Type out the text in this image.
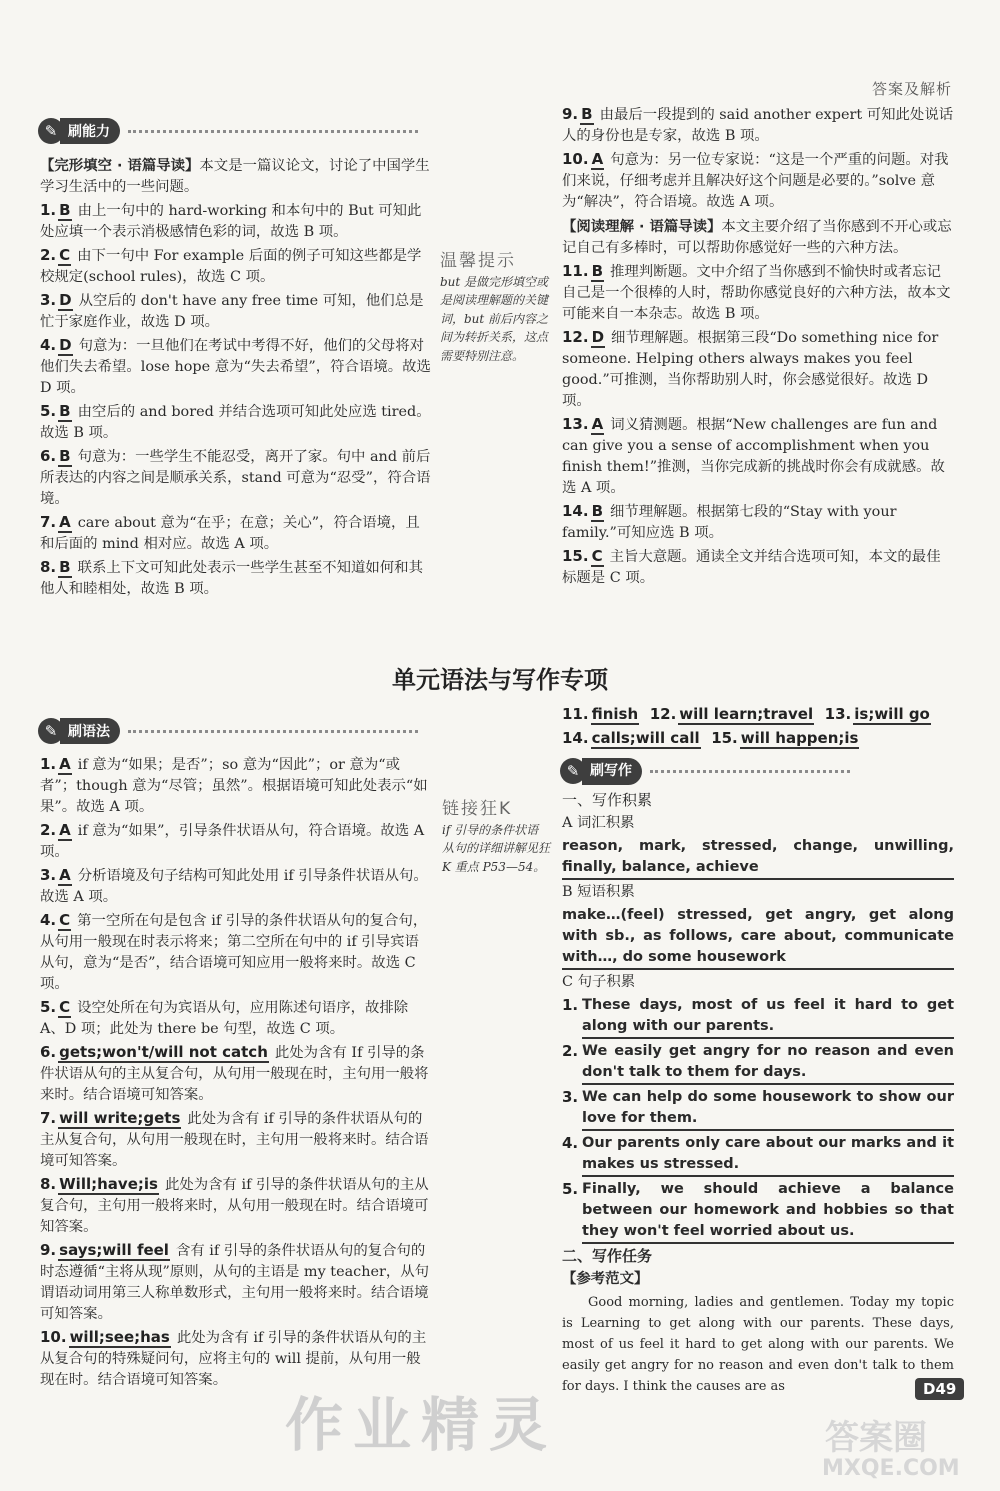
答案及解析
✎ 刷能力

【完形填空 · 语篇导读】本文是一篇议论文，讨论了中国学生学习生活中的一些问题。

1. B 由上一句中的 hard-working 和本句中的 But 可知此处应填一个表示消极感情色彩的词，故选 B 项。

2. C 由下一句中 For example 后面的例子可知这些都是学校规定(school rules)，故选 C 项。

3. D 从空后的 don't have any free time 可知，他们总是忙于家庭作业，故选 D 项。

4. D 句意为：一旦他们在考试中考得不好，他们的父母将对他们失去希望。lose hope 意为“失去希望”，符合语境。故选 D 项。

5. B 由空后的 and bored 并结合选项可知此处应选 tired。故选 B 项。

6. B 句意为：一些学生不能忍受，离开了家。句中 and 前后所表达的内容之间是顺承关系，stand 可意为“忍受”，符合语境。

7. A care about 意为“在乎；在意；关心”，符合语境，且和后面的 mind 相对应。故选 A 项。

8. B 联系上下文可知此处表示一些学生甚至不知道如何和其他人和睦相处，故选 B 项。

温馨提示
but 是做完形填空或是阅读理解题的关键词，but 前后内容之间为转折关系，这点需要特别注意。

9. B 由最后一段提到的 said another expert 可知此处说话人的身份也是专家，故选 B 项。

10. A 句意为：另一位专家说：“这是一个严重的问题。对我们来说，仔细考虑并且解决好这个问题是必要的。”solve 意为“解决”，符合语境。故选 A 项。

【阅读理解 · 语篇导读】本文主要介绍了当你感到不开心或忘记自己有多棒时，可以帮助你感觉好一些的六种方法。

11. B 推理判断题。文中介绍了当你感到不愉快时或者忘记自己是一个很棒的人时，帮助你感觉良好的六种方法，故本文可能来自一本杂志。故选 B 项。

12. D 细节理解题。根据第三段“Do something nice for someone. Helping others always makes you feel good.”可推测，当你帮助别人时，你会感觉很好。故选 D 项。

13. A 词义猜测题。根据“New challenges are fun and can give you a sense of accomplishment when you finish them!”推测，当你完成新的挑战时你会有成就感。故选 A 项。

14. B 细节理解题。根据第七段的“Stay with your family.”可知应选 B 项。

15. C 主旨大意题。通读全文并结合选项可知，本文的最佳标题是 C 项。

单元语法与写作专项
✎ 刷语法

1. A if 意为“如果；是否”；so 意为“因此”；or 意为“或者”；though 意为“尽管；虽然”。根据语境可知此处表示“如果”。故选 A 项。

2. A if 意为“如果”，引导条件状语从句，符合语境。故选 A 项。

3. A 分析语境及句子结构可知此处用 if 引导条件状语从句。故选 A 项。

4. C 第一空所在句是包含 if 引导的条件状语从句的复合句，从句用一般现在时表示将来；第二空所在句中的 if 引导宾语从句，意为“是否”，结合语境可知应用一般将来时。故选 C 项。

5. C 设空处所在句为宾语从句，应用陈述句语序，故排除 A、D 项；此处为 there be 句型，故选 C 项。

6. gets;won't/will not catch 此处为含有 If 引导的条件状语从句的主从复合句，从句用一般现在时，主句用一般将来时。结合语境可知答案。

7. will write;gets 此处为含有 if 引导的条件状语从句的主从复合句，从句用一般现在时，主句用一般将来时。结合语境可知答案。

8. Will;have;is 此处为含有 if 引导的条件状语从句的主从复合句，主句用一般将来时，从句用一般现在时。结合语境可知答案。

9. says;will feel 含有 if 引导的条件状语从句的复合句的时态遵循“主将从现”原则，从句的主语是 my teacher，从句谓语动词用第三人称单数形式，主句用一般将来时。结合语境可知答案。

10. will;see;has 此处为含有 if 引导的条件状语从句的主从复合句的特殊疑问句，应将主句的 will 提前，从句用一般现在时。结合语境可知答案。

链接狂K
if 引导的条件状语从句的详细讲解见狂 K 重点 P53—54。

11. finish 12. will learn;travel 13. is;will go

14. calls;will call 15. will happen;is

✎ 刷写作

一、写作积累

A 词汇积累

reason, mark, stressed, change, unwilling, finally, balance, achieve

B 短语积累

make…(feel) stressed, get angry, get along with sb., as follows, care about, communicate with…, do some housework

C 句子积累

1. These days, most of us feel it hard to get along with our parents.

2. We easily get angry for no reason and even don't talk to them for days.

3. We can help do some housework to show our love for them.

4. Our parents only care about our marks and it makes us stressed.

5. Finally, we should achieve a balance between our homework and hobbies so that they won't feel worried about us.

二、写作任务

【参考范文】

Good morning, ladies and gentlemen. Today my topic is Learning to get along with our parents. These days, most of us feel it hard to get along with our parents. We easily get angry for no reason and even don't talk to them for days. I think the causes are as	D49
作业精灵	答案圈
MXQE.COM
